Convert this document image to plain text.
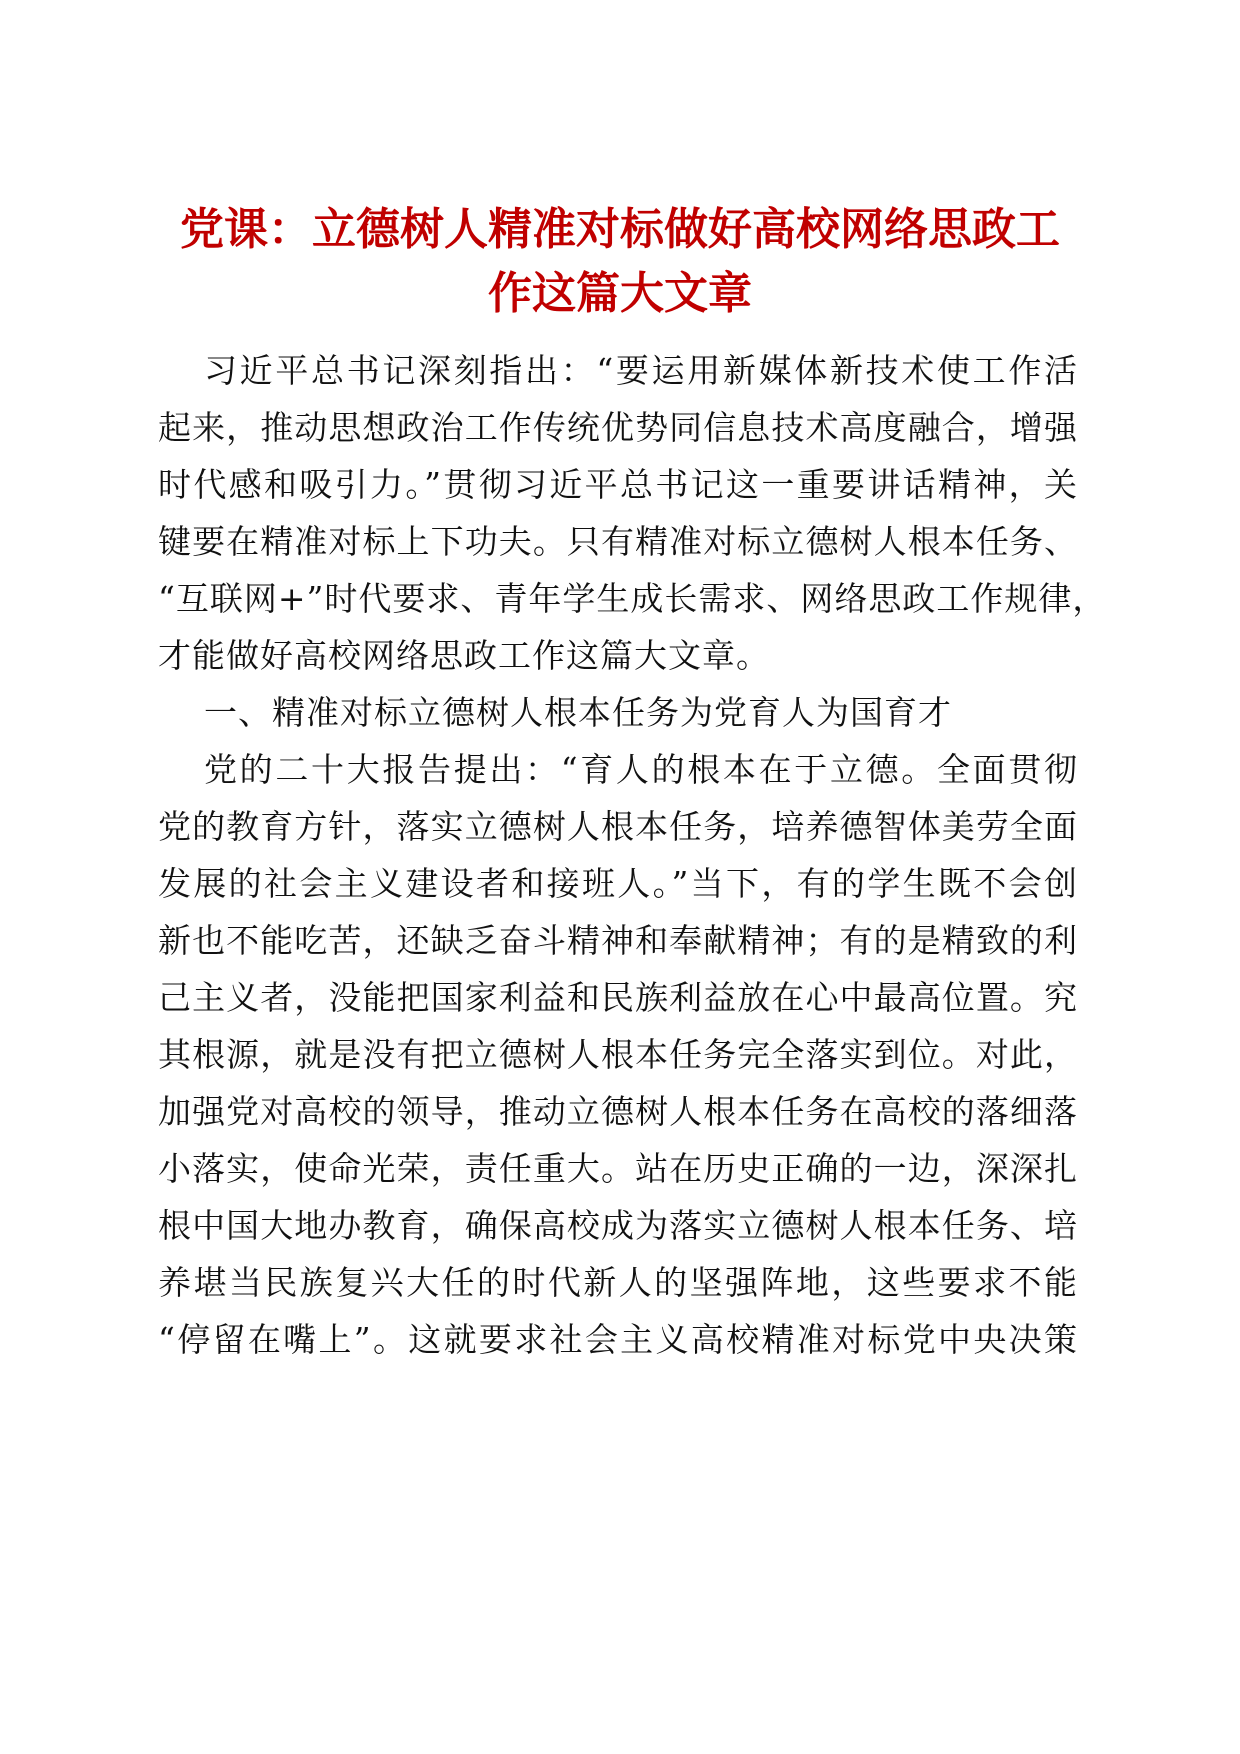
党课：立德树人精准对标做好高校网络思政工
作这篇大文章
习近平总书记深刻指出：“要运用新媒体新技术使工作活
起来，推动思想政治工作传统优势同信息技术高度融合，增强
时代感和吸引力。”贯彻习近平总书记这一重要讲话精神，关
键要在精准对标上下功夫。只有精准对标立德树人根本任务、
“互联网+”时代要求、青年学生成长需求、网络思政工作规律，
才能做好高校网络思政工作这篇大文章。
一、精准对标立德树人根本任务为党育人为国育才
党的二十大报告提出：“育人的根本在于立德。全面贯彻
党的教育方针，落实立德树人根本任务，培养德智体美劳全面
发展的社会主义建设者和接班人。”当下，有的学生既不会创
新也不能吃苦，还缺乏奋斗精神和奉献精神；有的是精致的利
己主义者，没能把国家利益和民族利益放在心中最高位置。究
其根源，就是没有把立德树人根本任务完全落实到位。对此，
加强党对高校的领导，推动立德树人根本任务在高校的落细落
小落实，使命光荣，责任重大。站在历史正确的一边，深深扎
根中国大地办教育，确保高校成为落实立德树人根本任务、培
养堪当民族复兴大任的时代新人的坚强阵地，这些要求不能
“停留在嘴上”。这就要求社会主义高校精准对标党中央决策
